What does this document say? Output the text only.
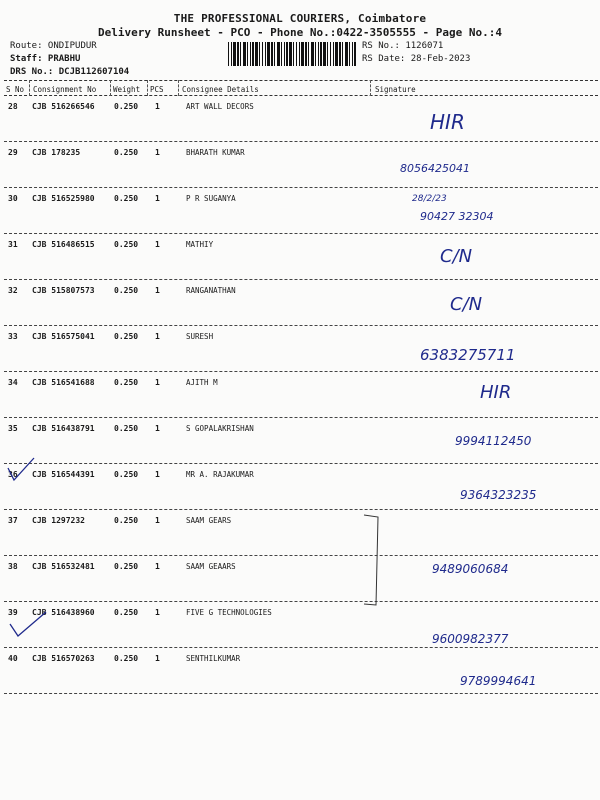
THE PROFESSIONAL COURIERS, Coimbatore
Delivery Runsheet - PCO - Phone No.:0422-3505555 - Page No.:4
Route: ONDIPUDUR
Staff: PRABHU
DRS No.: DCJB112607104
RS No.: 1126071
RS Date: 28-Feb-2023
S No Consignment No Weight PCS Consignee Details	Signature
28 CJB 516266546 0.250 1	ART WALL DECORS
HIR
29 CJB 178235	0.250 1	BHARATH KUMAR
8056425041
30 CJB 516525980 0.250 1	P R SUGANYA
90427 32304
28/2/23
31 CJB 516486515 0.250 1	MATHIY
C/N
32 CJB 515807573 0.250 1	RANGANATHAN
C/N
33 CJB 516575041 0.250 1	SURESH
6383275711
34 CJB 516541688 0.250 1	AJITH M	HIR
35 CJB 516438791 0.250 1	S GOPALAKRISHAN
9994112450
36 CJB 516544391 0.250 1	MR A. RAJAKUMAR
9364323235
37 CJB 1297232	0.250 1	SAAM GEARS
38 CJB 516532481 0.250 1	SAAM GEAARS	9489060684
39 CJB 516438960 0.250 1	FIVE G TECHNOLOGIES
9600982377
40 CJB 516570263 0.250 1	SENTHILKUMAR
9789994641
